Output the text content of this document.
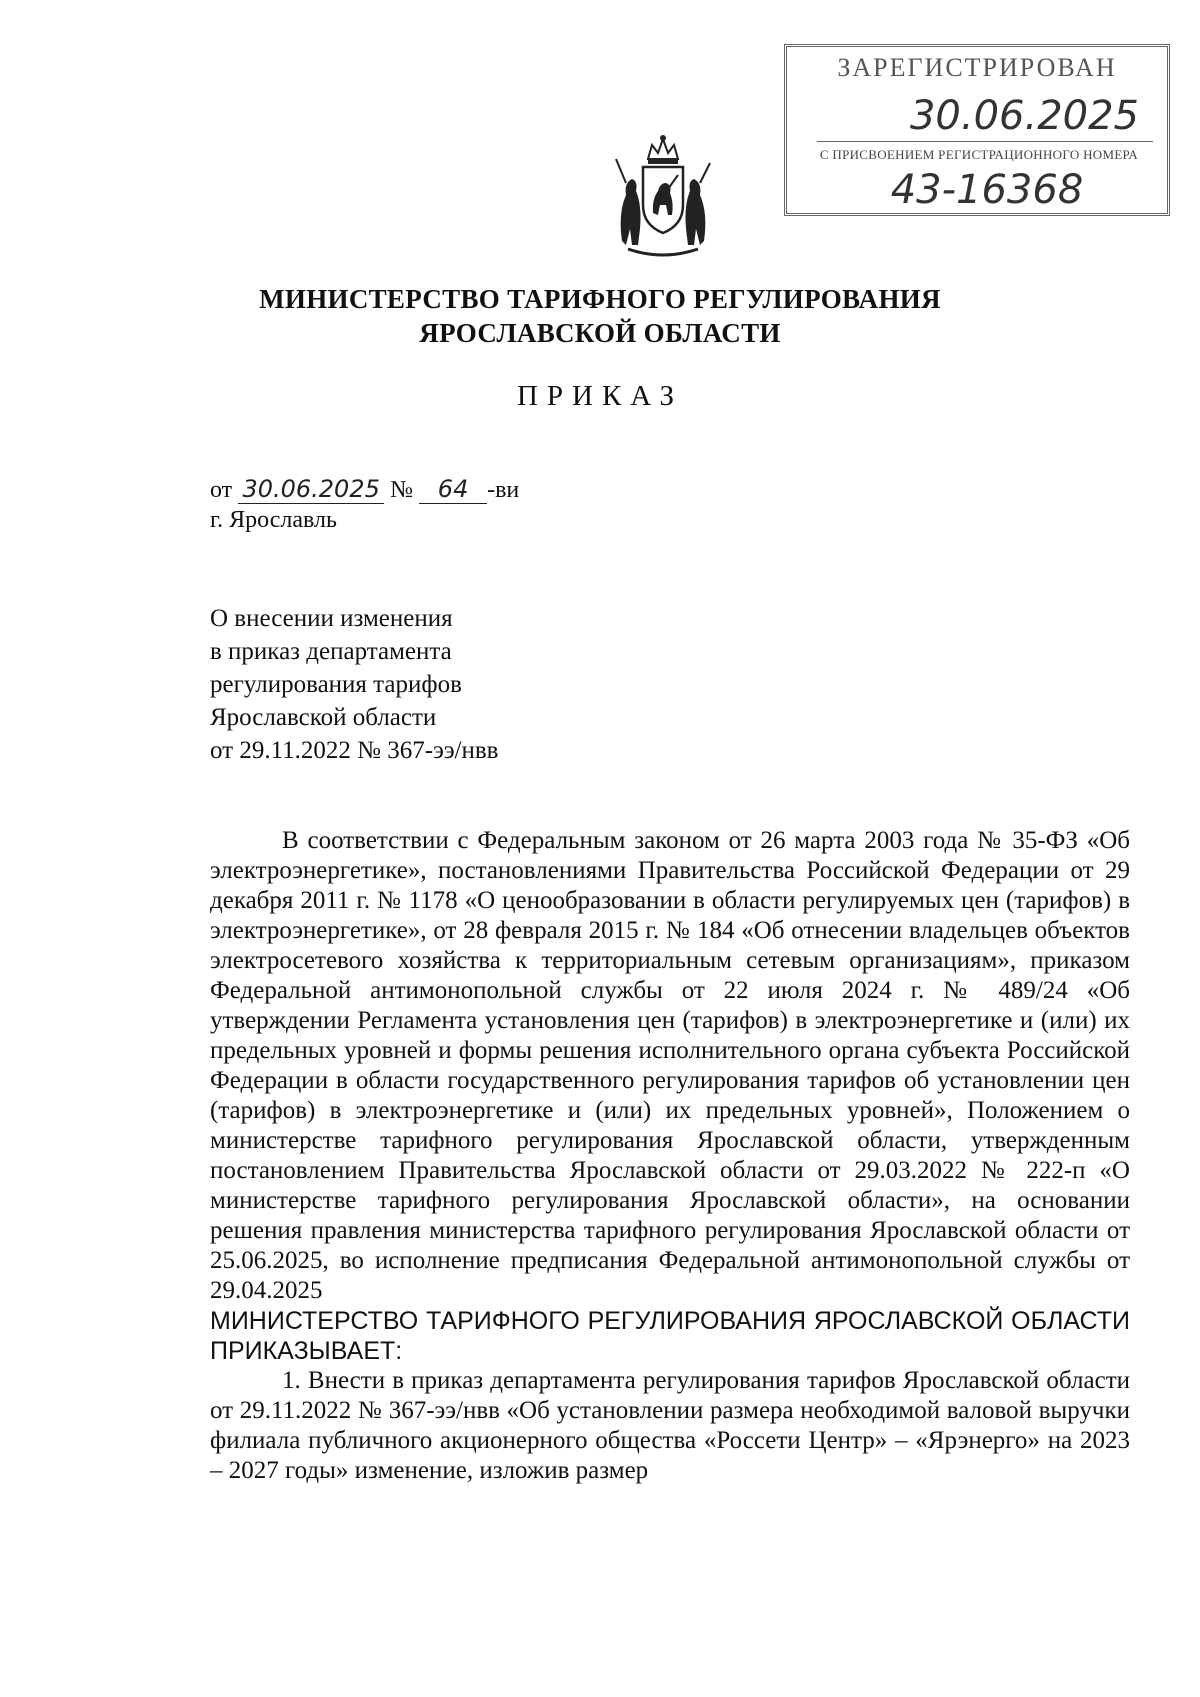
ЗАРЕГИСТРИРОВАН
30.06.2025
С ПРИСВОЕНИЕМ РЕГИСТРАЦИОННОГО НОМЕРА
43-16368
МИНИСТЕРСТВО ТАРИФНОГО РЕГУЛИРОВАНИЯ
ЯРОСЛАВСКОЙ ОБЛАСТИ
ПРИКАЗ
от 30.06.2025 № 64 -ви
г. Ярославль
О внесении изменения
в приказ департамента
регулирования тарифов
Ярославской области
от 29.11.2022 № 367-ээ/нвв

В соответствии с Федеральным законом от 26 марта 2003 года № 35-ФЗ «Об электроэнергетике», постановлениями Правительства Российской Федерации от 29 декабря 2011 г. № 1178 «О ценообразовании в области регулируемых цен (тарифов) в электроэнергетике», от 28 февраля 2015 г. № 184 «Об отнесении владельцев объектов электросетевого хозяйства к территориальным сетевым организациям», приказом Федеральной антимонопольной службы от 22 июля 2024 г. № 489/24 «Об утверждении Регламента установления цен (тарифов) в электроэнергетике и (или) их предельных уровней и формы решения исполнительного органа субъекта Российской Федерации в области государственного регулирования тарифов об установлении цен (тарифов) в электроэнергетике и (или) их предельных уровней», Положением о министерстве тарифного регулирования Ярославской области, утвержденным постановлением Правительства Ярославской области от 29.03.2022 № 222-п «О министерстве тарифного регулирования Ярославской области», на основании решения правления министерства тарифного регулирования Ярославской области от 25.06.2025, во исполнение предписания Федеральной антимонопольной службы от 29.04.2025

МИНИСТЕРСТВО ТАРИФНОГО РЕГУЛИРОВАНИЯ ЯРОСЛАВСКОЙ ОБЛАСТИ ПРИКАЗЫВАЕТ:

1. Внести в приказ департамента регулирования тарифов Ярославской области от 29.11.2022 № 367-ээ/нвв «Об установлении размера необходимой валовой выручки филиала публичного акционерного общества «Россети Центр» – «Ярэнерго» на 2023 – 2027 годы» изменение, изложив размер
